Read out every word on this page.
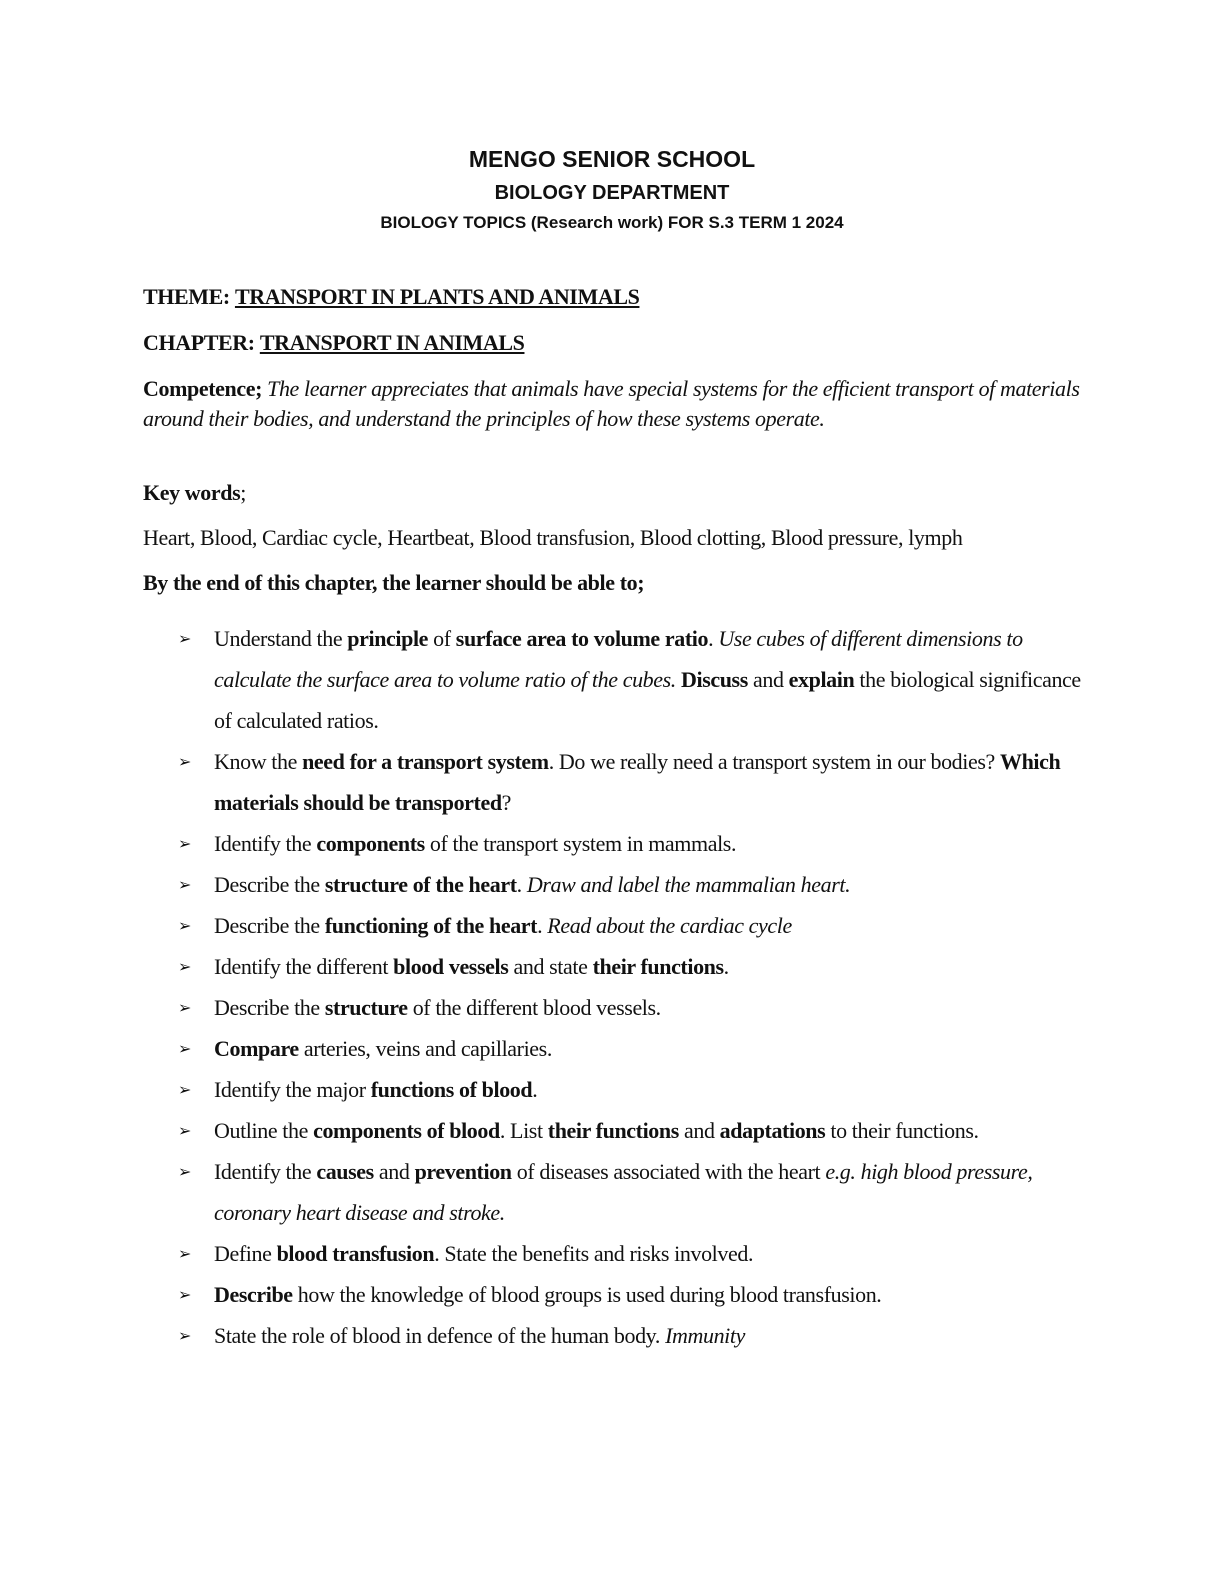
MENGO SENIOR SCHOOL
BIOLOGY DEPARTMENT
BIOLOGY TOPICS (Research work) FOR S.3 TERM 1 2024
THEME: TRANSPORT IN PLANTS AND ANIMALS
CHAPTER: TRANSPORT IN ANIMALS
Competence; The learner appreciates that animals have special systems for the efficient transport of materials around their bodies, and understand the principles of how these systems operate.
Key words;
Heart, Blood, Cardiac cycle, Heartbeat, Blood transfusion, Blood clotting, Blood pressure, lymph
By the end of this chapter, the learner should be able to;
➢	Understand the principle of surface area to volume ratio. Use cubes of different dimensions to calculate the surface area to volume ratio of the cubes. Discuss and explain the biological significance of calculated ratios.
➢	Know the need for a transport system. Do we really need a transport system in our bodies? Which materials should be transported?
➢	Identify the components of the transport system in mammals.
➢	Describe the structure of the heart. Draw and label the mammalian heart.
➢	Describe the functioning of the heart. Read about the cardiac cycle
➢	Identify the different blood vessels and state their functions.
➢	Describe the structure of the different blood vessels.
➢	Compare arteries, veins and capillaries.
➢	Identify the major functions of blood.
➢	Outline the components of blood. List their functions and adaptations to their functions.
➢	Identify the causes and prevention of diseases associated with the heart e.g. high blood pressure, coronary heart disease and stroke.
➢	Define blood transfusion. State the benefits and risks involved.
➢	Describe how the knowledge of blood groups is used during blood transfusion.
➢	State the role of blood in defence of the human body. Immunity
